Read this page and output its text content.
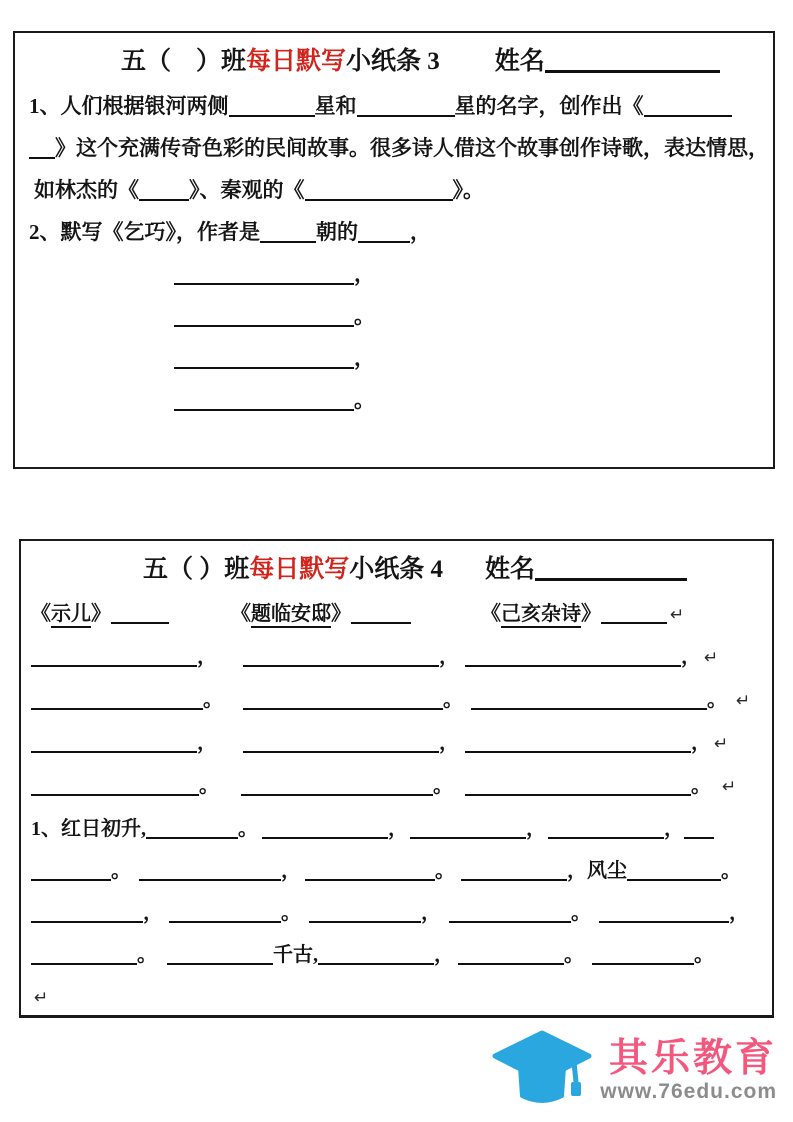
五（　）班每日默写小纸条 3 姓名
1、人们根据银河两侧	星和	星的名字，创作出《
》这个充满传奇色彩的民间故事。很多诗人借这个故事创作诗歌，表达情思，
如林杰的《 》、秦观的《	》。
2、默写《乞巧》，作者是	朝的 ，
，
。
，
。
五（ ）班每日默写小纸条 4 姓名
《示儿》	《题临安邸》	《己亥杂诗》	↵
，	，	， ↵
。	。	。 ↵
，	，	， ↵
。	。	。 ↵
1、红日初升,	。	，	，	，
。	，	。	，风尘	。
，	。	，	。	，
。	千古,	，	。	。
↵
其乐教育
www.76edu.com
